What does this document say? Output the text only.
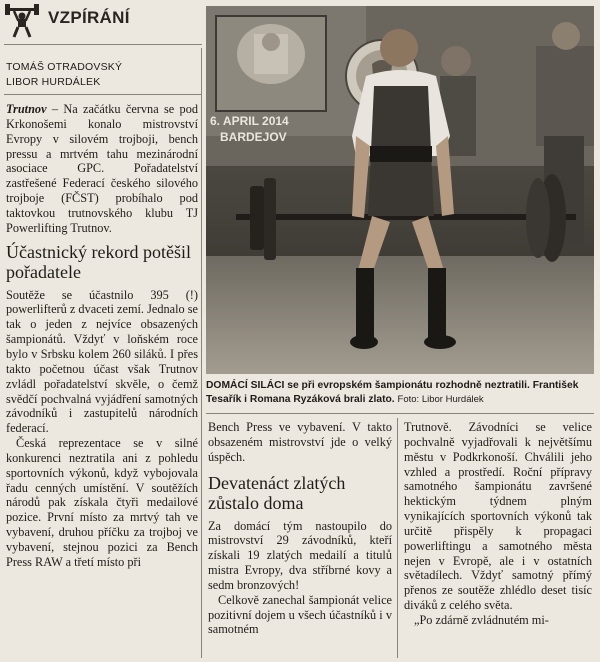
VZPÍRÁNÍ
TOMÁŠ OTRADOVSKÝ
LIBOR HURDÁLEK

Trutnov – Na začátku června se pod Krkonošemi konalo mistrovství Evropy v silovém trojboji, bench pressu a mrtvém tahu mezinárodní asociace GPC. Pořadatelství zastřešené Federací českého silového trojboje (FČST) probíhalo pod taktovkou trutnovského klubu TJ Powerlifting Trutnov.

Účastnický rekord potěšil pořadatele

Soutěže se účastnilo 395 (!) powerlifterů z dvaceti zemí. Jednalo se tak o jeden z nejvíce obsazených šampionátů. Vždyť v loňském roce bylo v Srbsku kolem 260 siláků. I přes takto početnou účast však Trutnov zvládl pořadatelství skvěle, o čemž svědčí pochvalná vyjádření samotných závodníků i zastupitelů národních federací.

Česká reprezentace se v silné konkurenci neztratila ani z pohledu sportovních výkonů, když vybojovala řadu cenných umístění. V soutěžích národů pak získala čtyři medailové pozice. První místo za mrtvý tah ve vybavení, druhou příčku za trojboj ve vybavení, stejnou pozici za Bench Press RAW a třetí místo při

6. APRIL 2014
BARDEJOV
DOMÁCÍ SILÁCI se při evropském šampionátu rozhodně neztratili. František Tesařík i Romana Ryzáková brali zlato. Foto: Libor Hurdálek

Bench Press ve vybavení. V takto obsazeném mistrovství jde o velký úspěch.

Devatenáct zlatých zůstalo doma

Za domácí tým nastoupilo do mistrovství 29 závodníků, kteří získali 19 zlatých medailí a titulů mistra Evropy, dva stříbrné kovy a sedm bronzových!

Celkově zanechal šampionát velice pozitivní dojem u všech účastníků i v samotném

Trutnově. Závodníci se velice pochvalně vyjadřovali k největšímu městu v Podkrkonoší. Chválili jeho vzhled a prostředí. Roční přípravy samotného šampionátu završené hektickým týdnem plným vynikajících sportovních výkonů tak určitě přispěly k propagaci powerliftingu a samotného města nejen v Evropě, ale i v ostatních světadílech. Vždyť samotný přímý přenos ze soutěže zhlédlo deset tisíc diváků z celého světa.

„Po zdárně zvládnutém mi-
